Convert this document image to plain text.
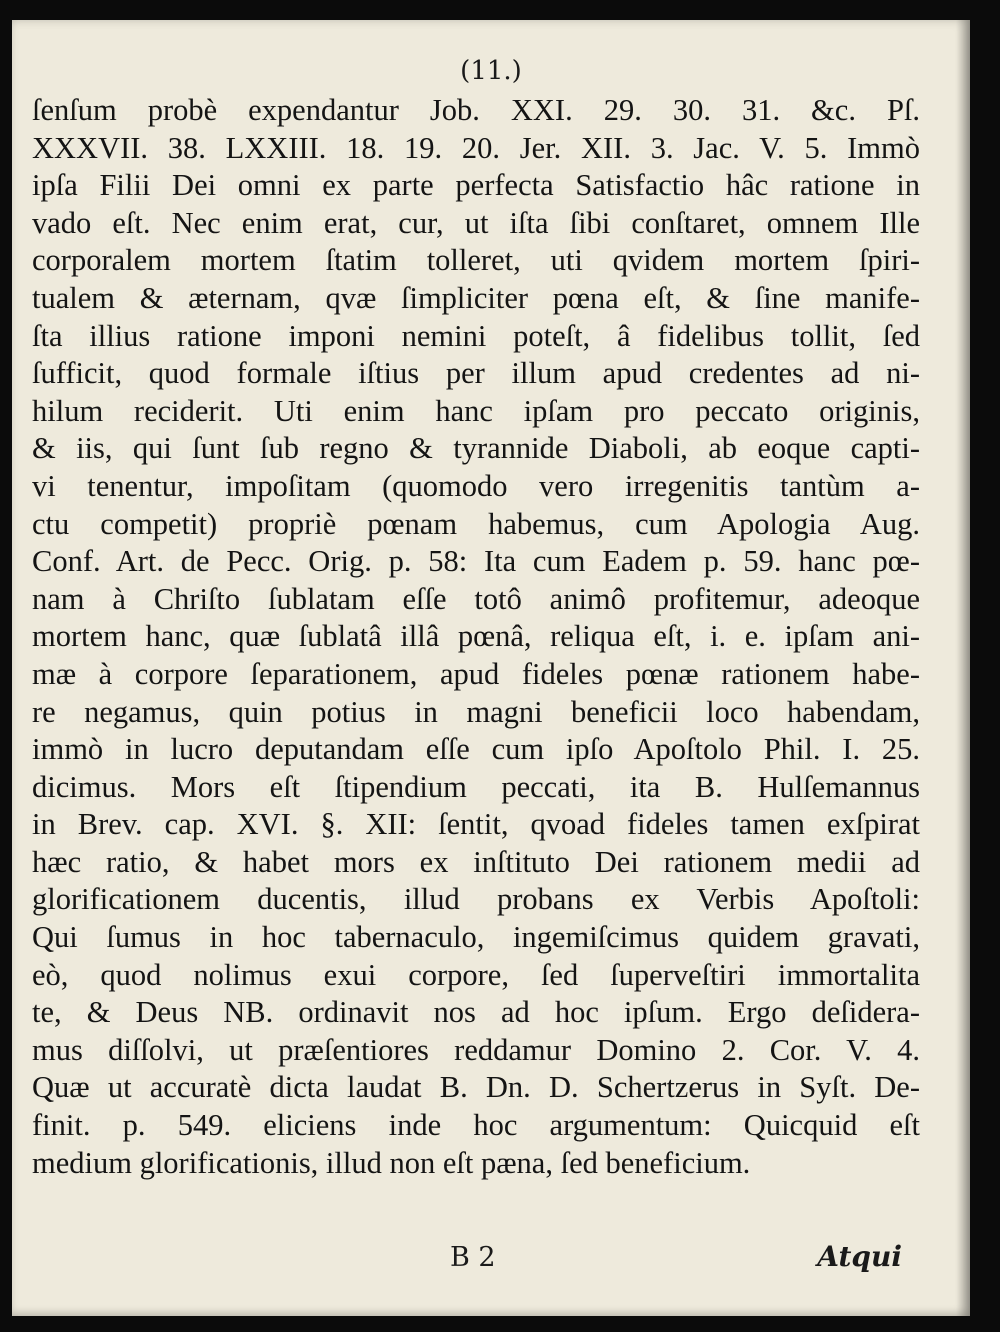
(11.)
ſenſum probè expendantur Job. XXI. 29. 30. 31. &c. Pſ.
XXXVII. 38. LXXIII. 18. 19. 20. Jer. XII. 3. Jac. V. 5. Immò
ipſa Filii Dei omni ex parte perfecta Satisfactio hâc ratione in
vado eſt. Nec enim erat, cur, ut iſta ſibi conſtaret, omnem Ille
corporalem mortem ſtatim tolleret, uti qvidem mortem ſpiri-
tualem & æternam, qvæ ſimpliciter pœna eſt, & ſine manife-
ſta illius ratione imponi nemini poteſt, â fidelibus tollit, ſed
ſufficit, quod formale iſtius per illum apud credentes ad ni-
hilum reciderit. Uti enim hanc ipſam pro peccato originis,
& iis, qui ſunt ſub regno & tyrannide Diaboli, ab eoque capti-
vi tenentur, impoſitam (quomodo vero irregenitis tantùm a-
ctu competit) propriè pœnam habemus, cum Apologia Aug.
Conf. Art. de Pecc. Orig. p. 58: Ita cum Eadem p. 59. hanc pœ-
nam à Chriſto ſublatam eſſe totô animô profitemur, adeoque
mortem hanc, quæ ſublatâ illâ pœnâ, reliqua eſt, i. e. ipſam ani-
mæ à corpore ſeparationem, apud fideles pœnæ rationem habe-
re negamus, quin potius in magni beneficii loco habendam,
immò in lucro deputandam eſſe cum ipſo Apoſtolo Phil. I. 25.
dicimus. Mors eſt ſtipendium peccati, ita B. Hulſemannus
in Brev. cap. XVI. §. XII: ſentit, qvoad fideles tamen exſpirat
hæc ratio, & habet mors ex inſtituto Dei rationem medii ad
glorificationem ducentis, illud probans ex Verbis Apoſtoli:
Qui ſumus in hoc tabernaculo, ingemiſcimus quidem gravati,
eò, quod nolimus exui corpore, ſed ſuperveſtiri immortalita
te, & Deus NB. ordinavit nos ad hoc ipſum. Ergo deſidera-
mus diſſolvi, ut præſentiores reddamur Domino 2. Cor. V. 4.
Quæ ut accuratè dicta laudat B. Dn. D. Schertzerus in Syſt. De-
finit. p. 549. eliciens inde hoc argumentum: Quicquid eſt
medium glorificationis, illud non eſt pæna, ſed beneficium.
B 2	Atqui
